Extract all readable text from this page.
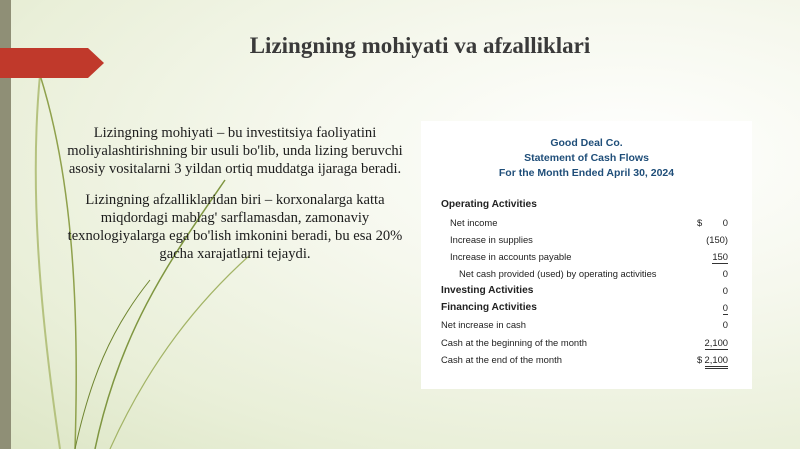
Lizingning mohiyati va afzalliklari

Lizingning mohiyati – bu investitsiya faoliyatini moliyalashtirishning bir usuli bo'lib, unda lizing beruvchi asosiy vositalarni 3 yildan ortiq muddatga ijaraga beradi.

Lizingning afzalliklaridan biri – korxonalarga katta miqdordagi mablag' sarflamasdan, zamonaviy texnologiyalarga ega bo'lish imkonini beradi, bu esa 20% gacha xarajatlarni tejaydi.

Good Deal Co.
Statement of Cash Flows
For the Month Ended April 30, 2024
Operating Activities
Net income	$ 0
Increase in supplies	(150)
Increase in accounts payable	150
Net cash provided (used) by operating activities	0
Investing Activities	0
Financing Activities	0
Net increase in cash	0
Cash at the beginning of the month	2,100
Cash at the end of the month	$ 2,100
